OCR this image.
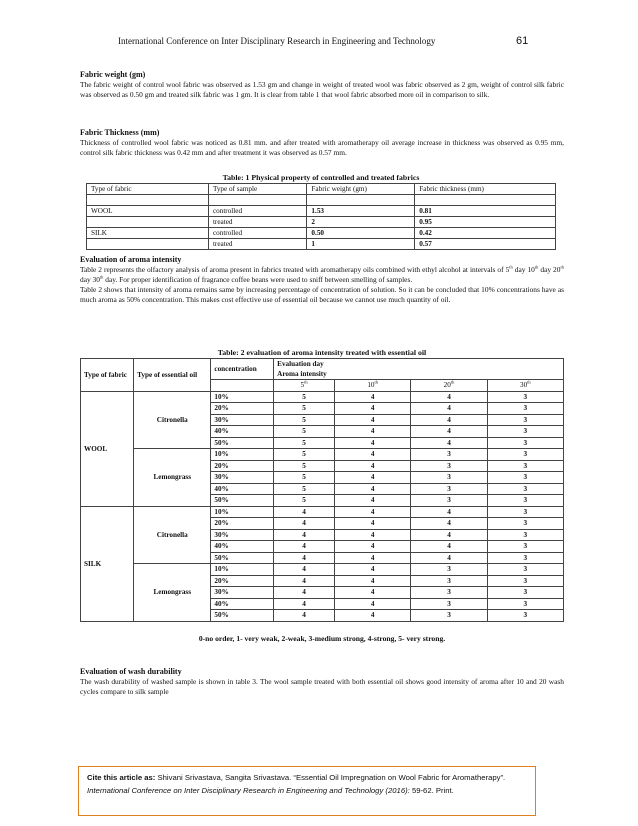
International Conference on Inter Disciplinary Research in Engineering and Technology	61
Fabric weight (gm)

The fabric weight of control wool fabric was observed as 1.53 gm and change in weight of treated wool was fabric observed as 2 gm, weight of control silk fabric was observed as 0.50 gm and treated silk fabric was 1 gm. It is clear from table 1 that wool fabric absorbed more oil in comparison to silk.

Fabric Thickness (mm)

Thickness of controlled wool fabric was noticed as 0.81 mm. and after treated with aromatherapy oil average increase in thickness was observed as 0.95 mm, control silk fabric thickness was 0.42 mm and after treatment it was observed as 0.57 mm.

Table: 1 Physical property of controlled and treated fabrics
Type of fabric	Type of sample	Fabric weight (gm)	Fabric thickness (mm)

WOOL	controlled	1.53	0.81
	treated	2	0.95
SILK	controlled	0.50	0.42
	treated	1	0.57
Evaluation of aroma intensity

Table 2 represents the olfactory analysis of aroma present in fabrics treated with aromatherapy oils combined with ethyl alcohol at intervals of 5th day 10th day 20th day 30th day. For proper identification of fragrance coffee beans were used to sniff between smelling of samples.

Table 2 shows that intensity of aroma remains same by increasing percentage of concentration of solution. So it can be concluded that 10% concentrations have as much aroma as 50% concentration. This makes cost effective use of essential oil because we cannot use much quantity of oil.

Table: 2 evaluation of aroma intensity treated with essential oil
Type of fabric	Type of essential oil	concentration	Evaluation day
Aroma intensity			

			5th	10th	20th	30th
WOOL	Citronella	10%	5	4	4	3
		20%	5	4	4	3
		30%	5	4	4	3
		40%	5	4	4	3
		50%	5	4	4	3
	Lemongrass	10%	5	4	3	3
		20%	5	4	3	3
		30%	5	4	3	3
		40%	5	4	3	3
		50%	5	4	3	3
SILK	Citronella	10%	4	4	4	3
		20%	4	4	4	3
		30%	4	4	4	3
		40%	4	4	4	3
		50%	4	4	4	3
	Lemongrass	10%	4	4	3	3
		20%	4	4	3	3
		30%	4	4	3	3
		40%	4	4	3	3
		50%	4	4	3	3
0-no order, 1- very weak, 2-weak, 3-medium strong, 4-strong, 5- very strong.
Evaluation of wash durability

The wash durability of washed sample is shown in table 3. The wool sample treated with both essential oil shows good intensity of aroma after 10 and 20 wash cycles compare to silk sample

Cite this article as: Shivani Srivastava, Sangita Srivastava. “Essential Oil Impregnation on Wool Fabric for Aromatherapy”. International Conference on Inter Disciplinary Research in Engineering and Technology (2016): 59-62. Print.
